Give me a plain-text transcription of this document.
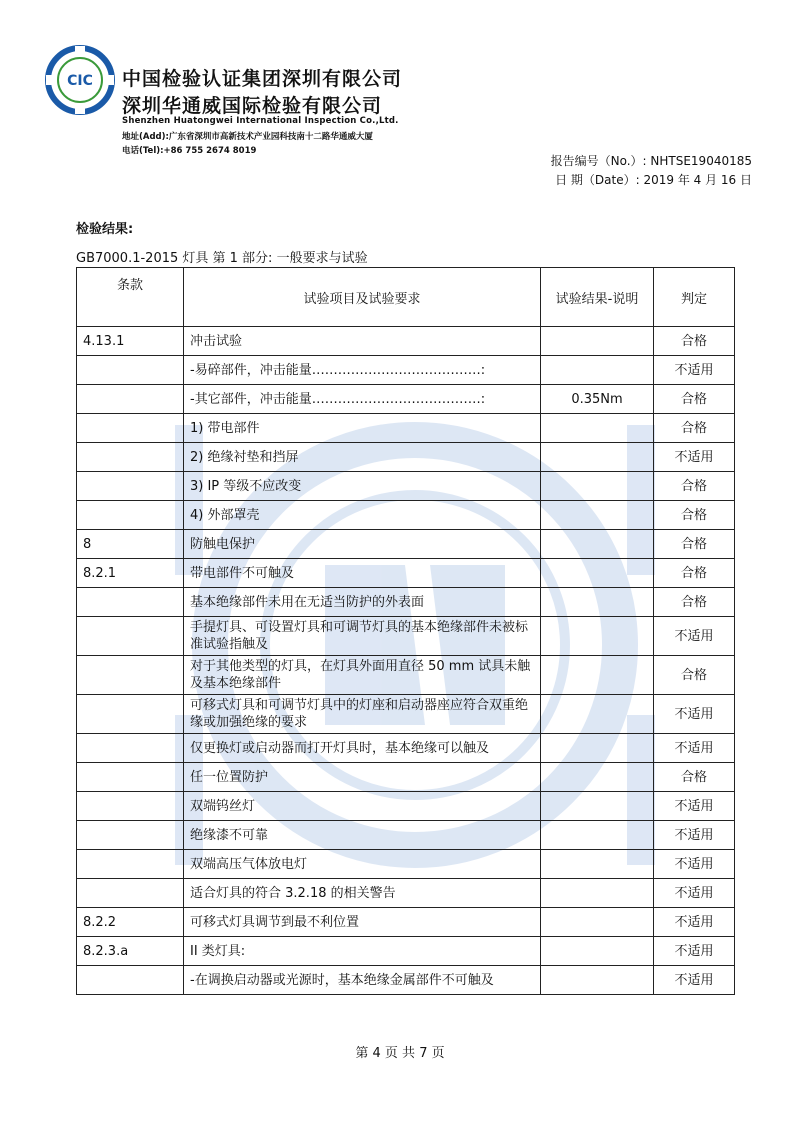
CIC 中国检验认证集团深圳有限公司
深圳华通威国际检验有限公司
Shenzhen Huatongwei International Inspection Co.,Ltd.
地址(Add):广东省深圳市高新技术产业园科技南十二路华通威大厦
电话(Tel):+86 755 2674 8019
报告编号（No.）: NHTSE19040185
日 期（Date）: 2019 年 4 月 16 日
检验结果:
GB7000.1-2015 灯具 第 1 部分: 一般要求与试验
条款	试验项目及试验要求	试验结果-说明	判定
4.13.1	冲击试验		合格
	-易碎部件，冲击能量…………………………………:		不适用
	-其它部件，冲击能量…………………………………:	0.35Nm	合格
	1) 带电部件		合格
	2) 绝缘衬垫和挡屏		不适用
	3) IP 等级不应改变		合格
	4) 外部罩壳		合格
8	防触电保护		合格
8.2.1	带电部件不可触及		合格
	基本绝缘部件未用在无适当防护的外表面		合格
	手提灯具、可设置灯具和可调节灯具的基本绝缘部件未被标准试验指触及		不适用
	对于其他类型的灯具，在灯具外面用直径 50 mm 试具未触及基本绝缘部件		合格
	可移式灯具和可调节灯具中的灯座和启动器座应符合双重绝缘或加强绝缘的要求		不适用
	仅更换灯或启动器而打开灯具时，基本绝缘可以触及		不适用
	任一位置防护		合格
	双端钨丝灯		不适用
	绝缘漆不可靠		不适用
	双端高压气体放电灯		不适用
	适合灯具的符合 3.2.18 的相关警告		不适用
8.2.2	可移式灯具调节到最不利位置		不适用
8.2.3.a	II 类灯具:		不适用
	-在调换启动器或光源时，基本绝缘金属部件不可触及		不适用
第 4 页 共 7 页
